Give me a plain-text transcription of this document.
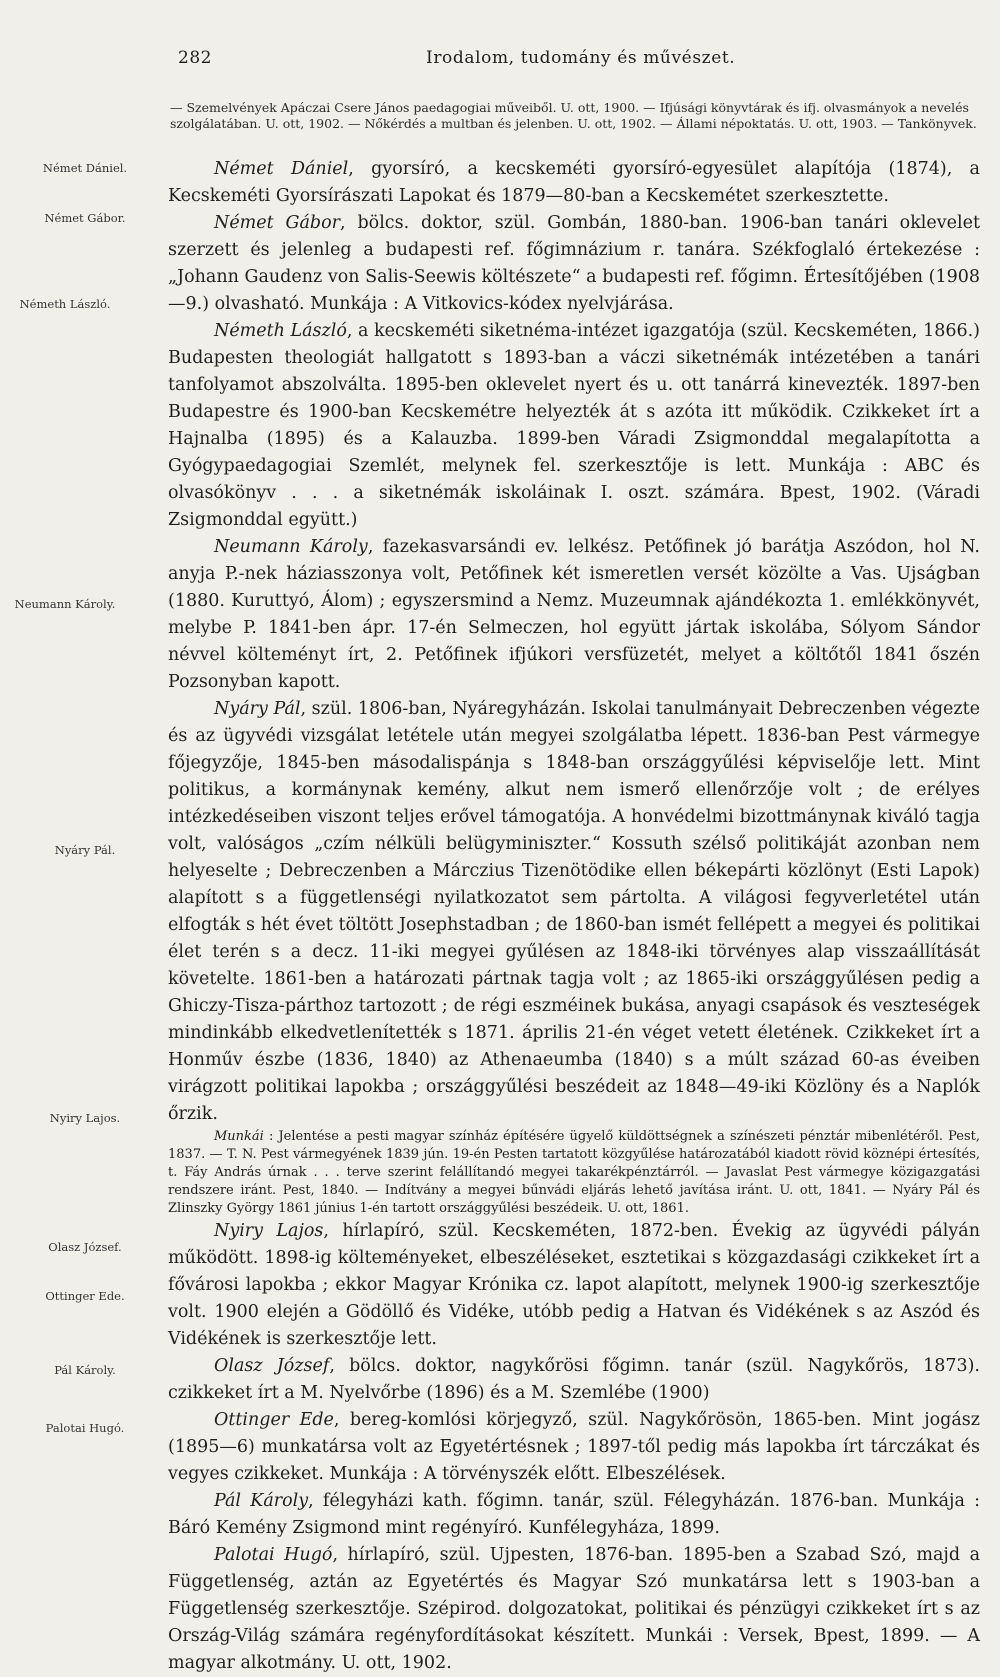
282	Irodalom, tudomány és művészet.
— Szemelvények Apáczai Csere János paedagogiai műveiből. U. ott, 1900. — Ifjúsági könyvtárak és ifj. olvasmányok a nevelés szolgálatában. U. ott, 1902. — Nőkérdés a multban és jelenben. U. ott, 1902. — Állami népoktatás. U. ott, 1903. — Tankönyvek.
Német Dániel.
Német Gábor.
Németh László.
Neumann Károly.
Nyáry Pál.
Nyiry Lajos.
Olasz József.
Ottinger Ede.
Pál Károly.
Palotai Hugó.

Német Dániel, gyorsíró, a kecskeméti gyorsíró-egyesület alapítója (1874), a Kecskeméti Gyorsírászati Lapokat és 1879—80-ban a Kecskemétet szerkesztette.

Német Gábor, bölcs. doktor, szül. Gombán, 1880-ban. 1906-ban tanári oklevelet szerzett és jelenleg a budapesti ref. főgimnázium r. tanára. Székfoglaló értekezése : „Johann Gaudenz von Salis-Seewis költészete“ a budapesti ref. főgimn. Értesítőjében (1908—9.) olvasható. Munkája : A Vitkovics-kódex nyelvjárása.

Németh László, a kecskeméti siketnéma-intézet igazgatója (szül. Kecskeméten, 1866.) Budapesten theologiát hallgatott s 1893-ban a váczi siketnémák intézetében a tanári tanfolyamot abszolválta. 1895-ben oklevelet nyert és u. ott tanárrá kinevezték. 1897-ben Budapestre és 1900-ban Kecskemétre helyezték át s azóta itt működik. Czikkeket írt a Hajnalba (1895) és a Kalauzba. 1899-ben Váradi Zsigmonddal megalapította a Gyógypaedagogiai Szemlét, melynek fel. szerkesztője is lett. Munkája : ABC és olvasókönyv . . . a siketnémák iskoláinak I. oszt. számára. Bpest, 1902. (Váradi Zsigmonddal együtt.)

Neumann Károly, fazekasvarsándi ev. lelkész. Petőfinek jó barátja Aszódon, hol N. anyja P.-nek háziasszonya volt, Petőfinek két ismeretlen versét közölte a Vas. Ujságban (1880. Kuruttyó, Álom) ; egyszersmind a Nemz. Muzeumnak ajándékozta 1. emlékkönyvét, melybe P. 1841-ben ápr. 17-én Selmeczen, hol együtt jártak iskolába, Sólyom Sándor névvel költeményt írt, 2. Petőfinek ifjúkori versfüzetét, melyet a költőtől 1841 őszén Pozsonyban kapott.

Nyáry Pál, szül. 1806-ban, Nyáregyházán. Iskolai tanulmányait Debreczenben végezte és az ügyvédi vizsgálat letétele után megyei szolgálatba lépett. 1836-ban Pest vármegye főjegyzője, 1845-ben másodalispánja s 1848-ban országgyűlési képviselője lett. Mint politikus, a kormánynak kemény, alkut nem ismerő ellenőrzője volt ; de erélyes intézkedéseiben viszont teljes erővel támogatója. A honvédelmi bizottmánynak kiváló tagja volt, valóságos „czím nélküli belügyminiszter.“ Kossuth szélső politikáját azonban nem helyeselte ; Debreczenben a Márczius Tizenötödike ellen békepárti közlönyt (Esti Lapok) alapított s a függetlenségi nyilatkozatot sem pártolta. A világosi fegyverletétel után elfogták s hét évet töltött Josephstadban ; de 1860-ban ismét fellépett a megyei és politikai élet terén s a decz. 11-iki megyei gyűlésen az 1848-iki törvényes alap visszaállítását követelte. 1861-ben a határozati pártnak tagja volt ; az 1865-iki országgyűlésen pedig a Ghiczy-Tisza-párthoz tartozott ; de régi eszméinek bukása, anyagi csapások és veszteségek mindinkább elkedvetlenítették s 1871. április 21-én véget vetett életének. Czikkeket írt a Honműv észbe (1836, 1840) az Athenaeumba (1840) s a múlt század 60-as éveiben virágzott politikai lapokba ; országgyűlési beszédeit az 1848—49-iki Közlöny és a Naplók őrzik.

Munkái : Jelentése a pesti magyar színház építésére ügyelő küldöttségnek a színészeti pénztár mibenlétéről. Pest, 1837. — T. N. Pest vármegyének 1839 jún. 19-én Pesten tartatott közgyűlése határozatából kiadott rövid köznépi értesítés, t. Fáy András úrnak . . . terve szerint felállítandó megyei takarékpénztárról. — Javaslat Pest vármegye közigazgatási rendszere iránt. Pest, 1840. — Indítvány a megyei bűnvádi eljárás lehető javítása iránt. U. ott, 1841. — Nyáry Pál és Zlinszky György 1861 június 1-én tartott országgyűlési beszédeik. U. ott, 1861.

Nyiry Lajos, hírlapíró, szül. Kecskeméten, 1872-ben. Évekig az ügyvédi pályán működött. 1898-ig költeményeket, elbeszéléseket, esztetikai s közgazdasági czikkeket írt a fővárosi lapokba ; ekkor Magyar Krónika cz. lapot alapított, melynek 1900-ig szerkesztője volt. 1900 elején a Gödöllő és Vidéke, utóbb pedig a Hatvan és Vidékének s az Aszód és Vidékének is szerkesztője lett.

Olasz József, bölcs. doktor, nagykőrösi főgimn. tanár (szül. Nagykőrös, 1873). czikkeket írt a M. Nyelvőrbe (1896) és a M. Szemlébe (1900)

Ottinger Ede, bereg-komlósi körjegyző, szül. Nagykőrösön, 1865-ben. Mint jogász (1895—6) munkatársa volt az Egyetértésnek ; 1897-től pedig más lapokba írt tárczákat és vegyes czikkeket. Munkája : A törvényszék előtt. Elbeszélések.

Pál Károly, félegyházi kath. főgimn. tanár, szül. Félegyházán. 1876-ban. Munkája : Báró Kemény Zsigmond mint regényíró. Kunfélegyháza, 1899.

Palotai Hugó, hírlapíró, szül. Ujpesten, 1876-ban. 1895-ben a Szabad Szó, majd a Függetlenség, aztán az Egyetértés és Magyar Szó munkatársa lett s 1903-ban a Függetlenség szerkesztője. Szépirod. dolgozatokat, politikai és pénzügyi czikkeket írt s az Ország-Világ számára regényfordításokat készített. Munkái : Versek, Bpest, 1899. — A magyar alkotmány. U. ott, 1902.
